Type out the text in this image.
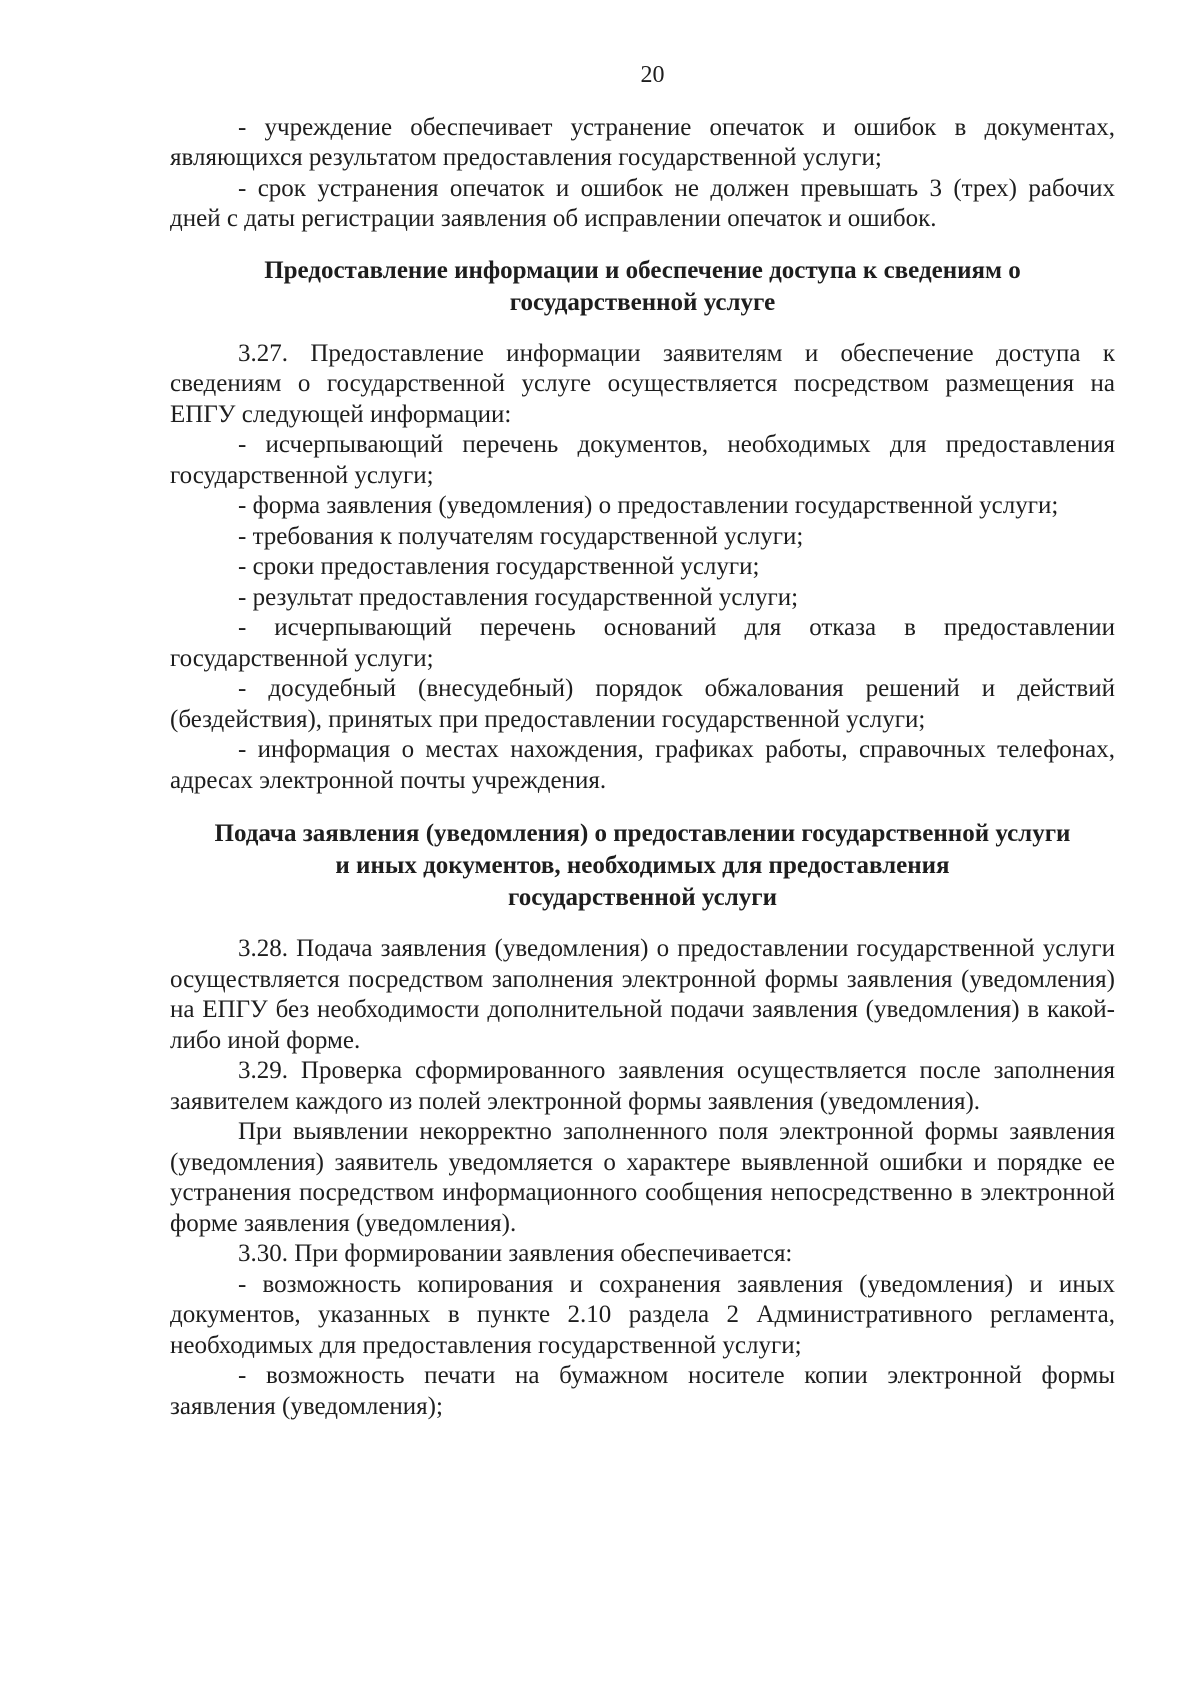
20

- учреждение обеспечивает устранение опечаток и ошибок в документах, являющихся результатом предоставления государственной услуги;

- срок устранения опечаток и ошибок не должен превышать 3 (трех) рабочих дней с даты регистрации заявления об исправлении опечаток и ошибок.

Предоставление информации и обеспечение доступа к сведениям о
государственной услуге

3.27. Предоставление информации заявителям и обеспечение доступа к сведениям о государственной услуге осуществляется посредством размещения на ЕПГУ следующей информации:

- исчерпывающий перечень документов, необходимых для предоставления государственной услуги;

- форма заявления (уведомления) о предоставлении государственной услуги;

- требования к получателям государственной услуги;

- сроки предоставления государственной услуги;

- результат предоставления государственной услуги;

- исчерпывающий перечень оснований для отказа в предоставлении государственной услуги;

- досудебный (внесудебный) порядок обжалования решений и действий (бездействия), принятых при предоставлении государственной услуги;

- информация о местах нахождения, графиках работы, справочных телефонах, адресах электронной почты учреждения.

Подача заявления (уведомления) о предоставлении государственной услуги
и иных документов, необходимых для предоставления
государственной услуги

3.28. Подача заявления (уведомления) о предоставлении государственной услуги осуществляется посредством заполнения электронной формы заявления (уведомления) на ЕПГУ без необходимости дополнительной подачи заявления (уведомления) в какой-либо иной форме.

3.29. Проверка сформированного заявления осуществляется после заполнения заявителем каждого из полей электронной формы заявления (уведомления).

При выявлении некорректно заполненного поля электронной формы заявления (уведомления) заявитель уведомляется о характере выявленной ошибки и порядке ее устранения посредством информационного сообщения непосредственно в электронной форме заявления (уведомления).

3.30. При формировании заявления обеспечивается:

- возможность копирования и сохранения заявления (уведомления) и иных документов, указанных в пункте 2.10 раздела 2 Административного регламента, необходимых для предоставления государственной услуги;

- возможность печати на бумажном носителе копии электронной формы заявления (уведомления);
